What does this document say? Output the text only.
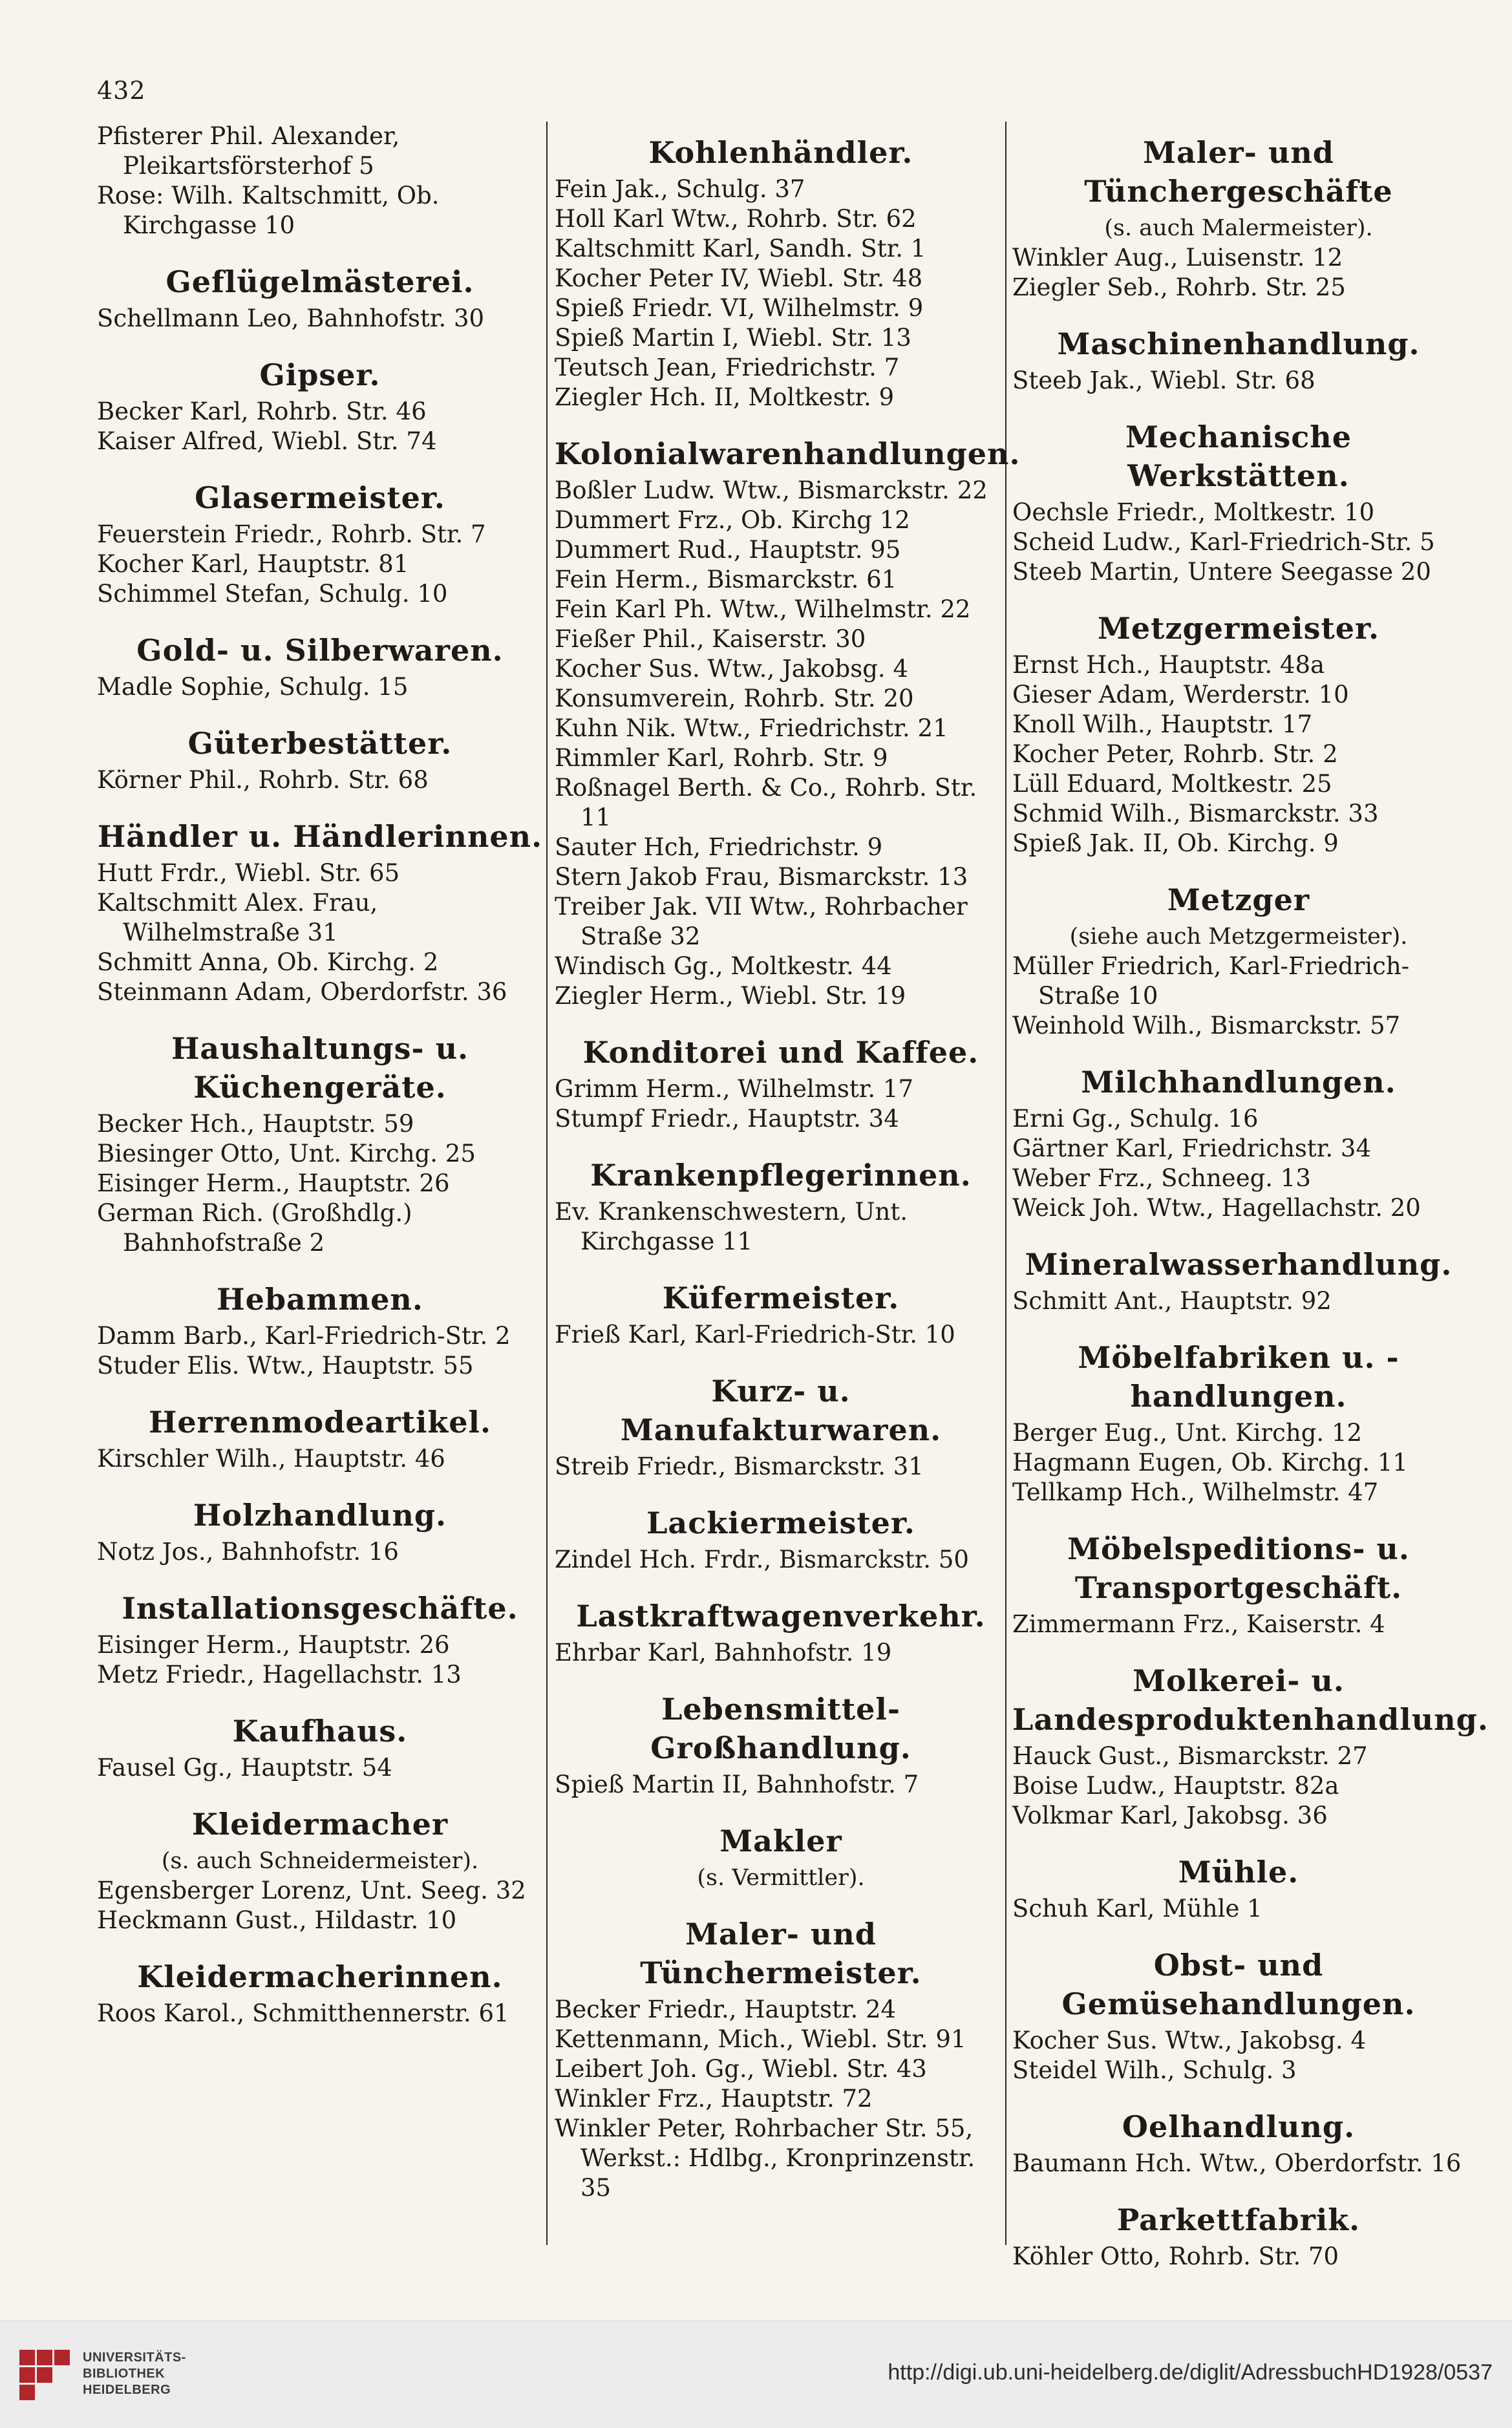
432
Pfisterer Phil. Alexander, Pleikartsförsterhof 5
Rose: Wilh. Kaltschmitt, Ob. Kirchgasse 10
Geflügelmästerei.
Schellmann Leo, Bahnhofstr. 30
Gipser.
Becker Karl, Rohrb. Str. 46
Kaiser Alfred, Wiebl. Str. 74
Glasermeister.
Feuerstein Friedr., Rohrb. Str. 7
Kocher Karl, Hauptstr. 81
Schimmel Stefan, Schulg. 10
Gold- u. Silberwaren.
Madle Sophie, Schulg. 15
Güterbestätter.
Körner Phil., Rohrb. Str. 68
Händler u. Händlerinnen.
Hutt Frdr., Wiebl. Str. 65
Kaltschmitt Alex. Frau, Wilhelmstraße 31
Schmitt Anna, Ob. Kirchg. 2
Steinmann Adam, Oberdorfstr. 36
Haushaltungs- u. Küchengeräte.
Becker Hch., Hauptstr. 59
Biesinger Otto, Unt. Kirchg. 25
Eisinger Herm., Hauptstr. 26
German Rich. (Großhdlg.) Bahnhofstraße 2
Hebammen.
Damm Barb., Karl-Friedrich-Str. 2
Studer Elis. Wtw., Hauptstr. 55
Herrenmodeartikel.
Kirschler Wilh., Hauptstr. 46
Holzhandlung.
Notz Jos., Bahnhofstr. 16
Installationsgeschäfte.
Eisinger Herm., Hauptstr. 26
Metz Friedr., Hagellachstr. 13
Kaufhaus.
Fausel Gg., Hauptstr. 54
Kleidermacher
(s. auch Schneidermeister).
Egensberger Lorenz, Unt. Seeg. 32
Heckmann Gust., Hildastr. 10
Kleidermacherinnen.
Roos Karol., Schmitthennerstr. 61
Kohlenhändler.
Fein Jak., Schulg. 37
Holl Karl Wtw., Rohrb. Str. 62
Kaltschmitt Karl, Sandh. Str. 1
Kocher Peter IV, Wiebl. Str. 48
Spieß Friedr. VI, Wilhelmstr. 9
Spieß Martin I, Wiebl. Str. 13
Teutsch Jean, Friedrichstr. 7
Ziegler Hch. II, Moltkestr. 9
Kolonialwarenhandlungen.
Boßler Ludw. Wtw., Bismarckstr. 22
Dummert Frz., Ob. Kirchg 12
Dummert Rud., Hauptstr. 95
Fein Herm., Bismarckstr. 61
Fein Karl Ph. Wtw., Wilhelmstr. 22
Fießer Phil., Kaiserstr. 30
Kocher Sus. Wtw., Jakobsg. 4
Konsumverein, Rohrb. Str. 20
Kuhn Nik. Wtw., Friedrichstr. 21
Rimmler Karl, Rohrb. Str. 9
Roßnagel Berth. & Co., Rohrb. Str. 11
Sauter Hch, Friedrichstr. 9
Stern Jakob Frau, Bismarckstr. 13
Treiber Jak. VII Wtw., Rohrbacher Straße 32
Windisch Gg., Moltkestr. 44
Ziegler Herm., Wiebl. Str. 19
Konditorei und Kaffee.
Grimm Herm., Wilhelmstr. 17
Stumpf Friedr., Hauptstr. 34
Krankenpflegerinnen.
Ev. Krankenschwestern, Unt. Kirchgasse 11
Küfermeister.
Frieß Karl, Karl-Friedrich-Str. 10
Kurz- u. Manufakturwaren.
Streib Friedr., Bismarckstr. 31
Lackiermeister.
Zindel Hch. Frdr., Bismarckstr. 50
Lastkraftwagenverkehr.
Ehrbar Karl, Bahnhofstr. 19
Lebensmittel-Großhandlung.
Spieß Martin II, Bahnhofstr. 7
Makler
(s. Vermittler).
Maler- und Tünchermeister.
Becker Friedr., Hauptstr. 24
Kettenmann, Mich., Wiebl. Str. 91
Leibert Joh. Gg., Wiebl. Str. 43
Winkler Frz., Hauptstr. 72
Winkler Peter, Rohrbacher Str. 55, Werkst.: Hdlbg., Kronprinzenstr. 35
Maler- und Tünchergeschäfte
(s. auch Malermeister).
Winkler Aug., Luisenstr. 12
Ziegler Seb., Rohrb. Str. 25
Maschinenhandlung.
Steeb Jak., Wiebl. Str. 68
Mechanische Werkstätten.
Oechsle Friedr., Moltkestr. 10
Scheid Ludw., Karl-Friedrich-Str. 5
Steeb Martin, Untere Seegasse 20
Metzgermeister.
Ernst Hch., Hauptstr. 48a
Gieser Adam, Werderstr. 10
Knoll Wilh., Hauptstr. 17
Kocher Peter, Rohrb. Str. 2
Lüll Eduard, Moltkestr. 25
Schmid Wilh., Bismarckstr. 33
Spieß Jak. II, Ob. Kirchg. 9
Metzger
(siehe auch Metzgermeister).
Müller Friedrich, Karl-Friedrich-Straße 10
Weinhold Wilh., Bismarckstr. 57
Milchhandlungen.
Erni Gg., Schulg. 16
Gärtner Karl, Friedrichstr. 34
Weber Frz., Schneeg. 13
Weick Joh. Wtw., Hagellachstr. 20
Mineralwasserhandlung.
Schmitt Ant., Hauptstr. 92
Möbelfabriken u. -handlungen.
Berger Eug., Unt. Kirchg. 12
Hagmann Eugen, Ob. Kirchg. 11
Tellkamp Hch., Wilhelmstr. 47
Möbelspeditions- u. Transportgeschäft.
Zimmermann Frz., Kaiserstr. 4
Molkerei- u. Landesproduktenhandlung.
Hauck Gust., Bismarckstr. 27
Boise Ludw., Hauptstr. 82a
Volkmar Karl, Jakobsg. 36
Mühle.
Schuh Karl, Mühle 1
Obst- und Gemüsehandlungen.
Kocher Sus. Wtw., Jakobsg. 4
Steidel Wilh., Schulg. 3
Oelhandlung.
Baumann Hch. Wtw., Oberdorfstr. 16
Parkettfabrik.
Köhler Otto, Rohrb. Str. 70
UNIVERSITÄTS-
BIBLIOTHEK
HEIDELBERG
http://digi.ub.uni-heidelberg.de/diglit/AdressbuchHD1928/0537
